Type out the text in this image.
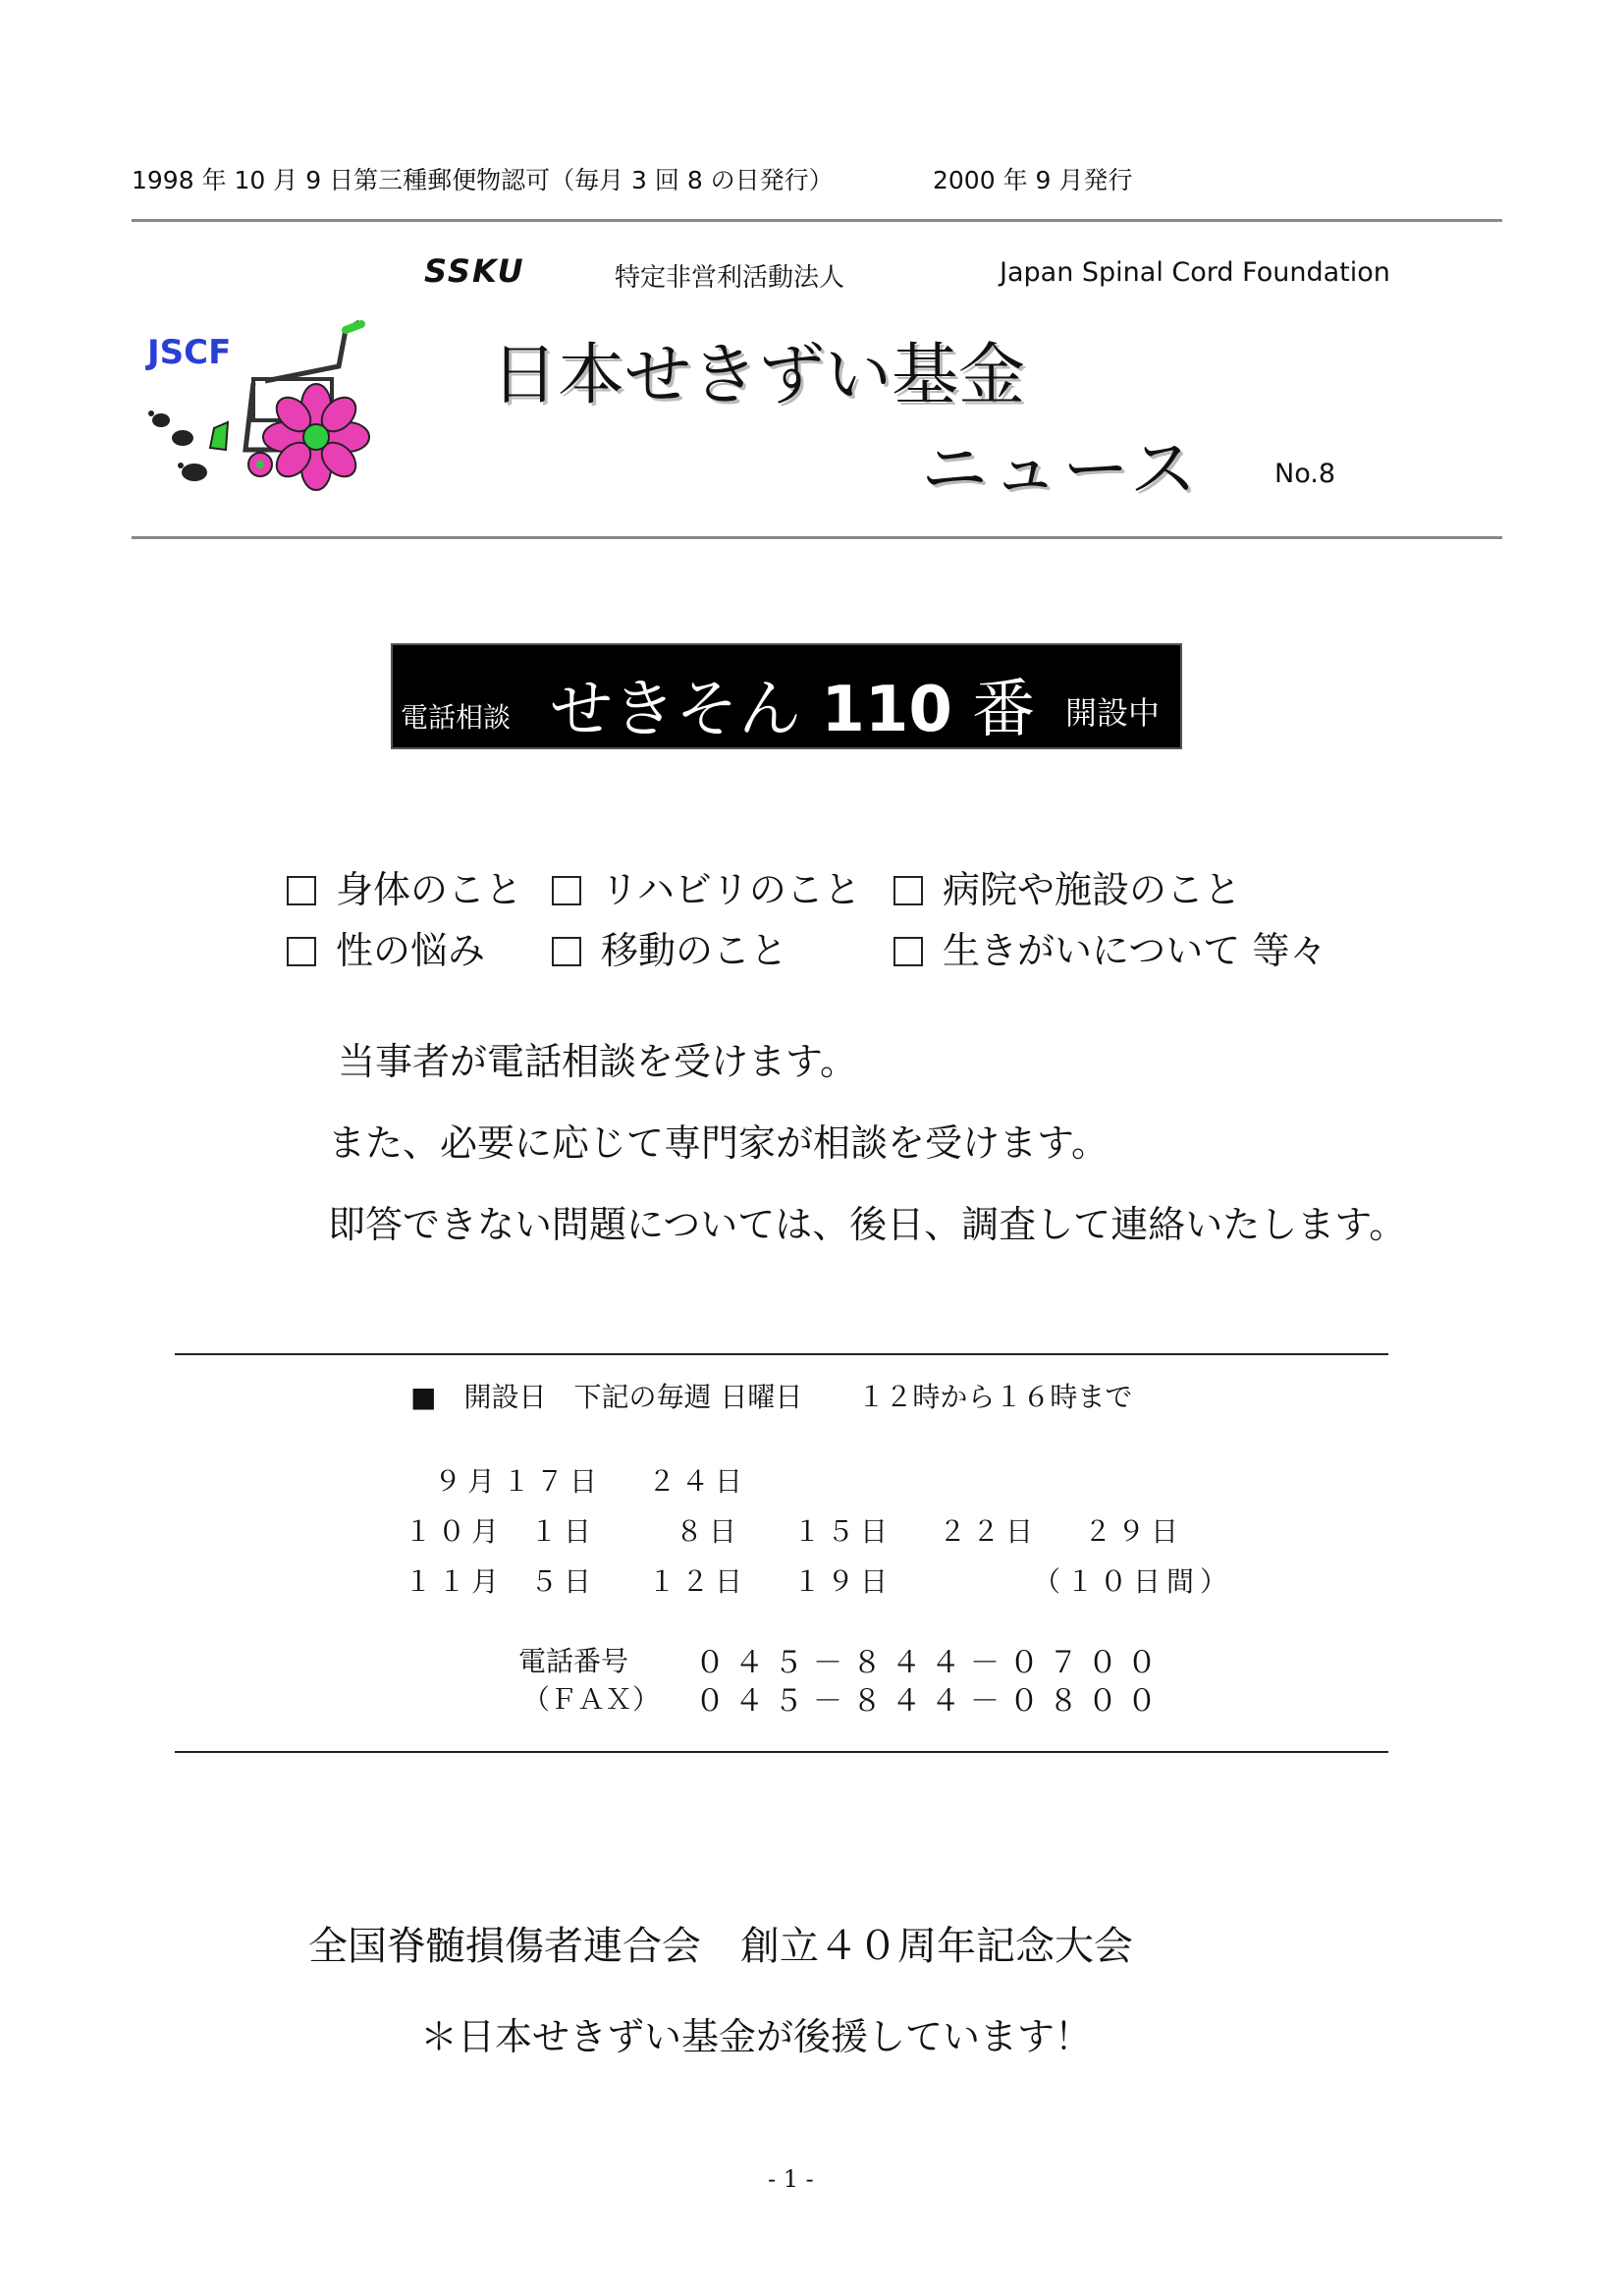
1998 年 10 月 9 日第三種郵便物認可（毎月 3 回 8 の日発行）	2000 年 9 月発行
SSKU	特定非営利活動法人	Japan Spinal Cord Foundation
JSCF	日本せきずい基金
ニュース	No.8
電話相談 せきそん 110 番 開設中
身体のこと	リハビリのこと	病院や施設のこと
性の悩み	移動のこと	生きがいについて 等々
当事者が電話相談を受けます。
また、必要に応じて専門家が相談を受けます。
即答できない問題については、後日、調査して連絡いたします。
■　開設日　下記の毎週 日曜日　　１２時から１６時まで
９月 １７日 ２４日
１０月 １日	８日 １５日 ２２日 ２９日
１１月 ５日 １２日 １９日	（１０日間）
電話番号 ０４５－８４４－０７００
（ＦＡＸ） ０４５－８４４－０８００
全国脊髄損傷者連合会　創立４０周年記念大会
＊日本せきずい基金が後援しています！
- 1 -
